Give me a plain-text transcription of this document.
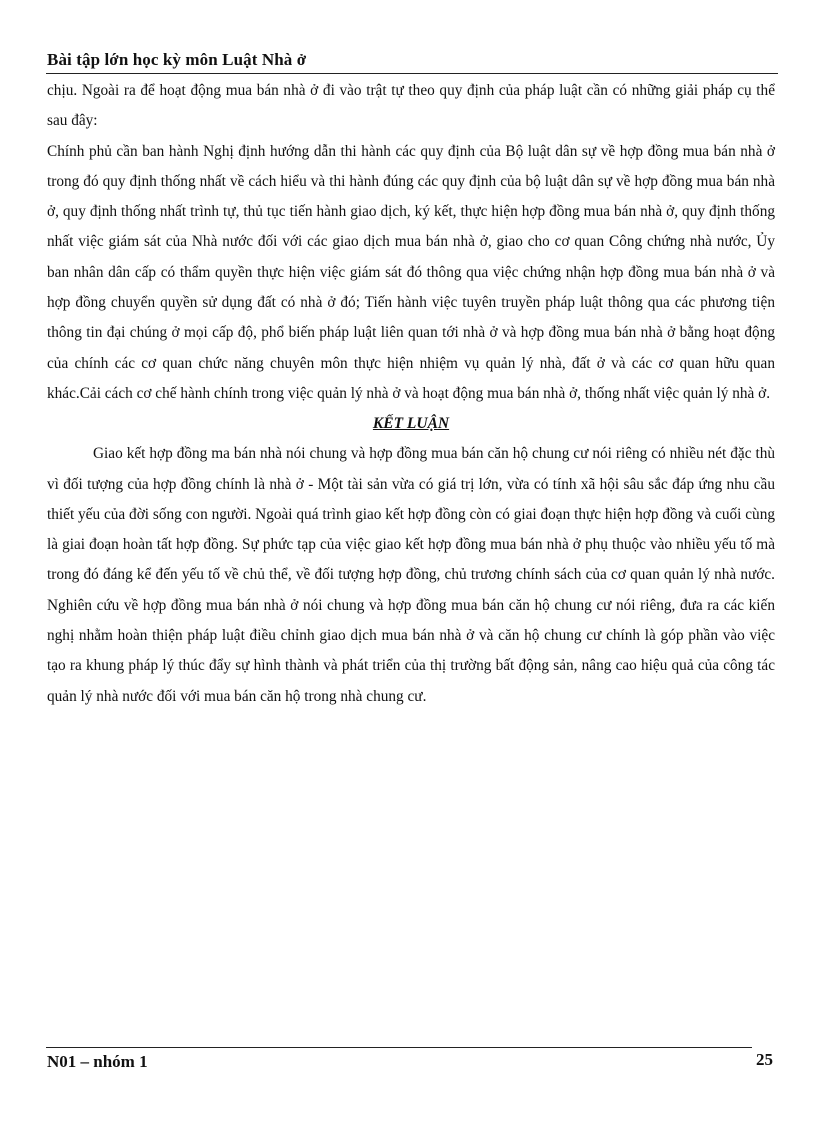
Bài tập lớn học kỳ môn Luật Nhà ở

chịu. Ngoài ra để hoạt động mua bán nhà ở đi vào trật tự theo quy định của pháp luật cần có những giải pháp cụ thể sau đây:

Chính phủ cần ban hành Nghị định hướng dẫn thi hành các quy định của Bộ luật dân sự về hợp đồng mua bán nhà ở trong đó quy định thống nhất về cách hiểu và thi hành đúng các quy định của bộ luật dân sự về hợp đồng mua bán nhà ở, quy định thống nhất trình tự, thủ tục tiến hành giao dịch, ký kết, thực hiện hợp đồng mua bán nhà ở, quy định thống nhất việc giám sát của Nhà nước đối với các giao dịch mua bán nhà ở, giao cho cơ quan Công chứng nhà nước, Ủy ban nhân dân cấp có thẩm quyền thực hiện việc giám sát đó thông qua việc chứng nhận hợp đồng mua bán nhà ở và hợp đồng chuyển quyền sử dụng đất có nhà ở đó; Tiến hành việc tuyên truyền pháp luật thông qua các phương tiện thông tin đại chúng ở mọi cấp độ, phổ biến pháp luật liên quan tới nhà ở và hợp đồng mua bán nhà ở bằng hoạt động của chính các cơ quan chức năng chuyên môn thực hiện nhiệm vụ quản lý nhà, đất ở và các cơ quan hữu quan khác.Cải cách cơ chế hành chính trong việc quản lý nhà ở và hoạt động mua bán nhà ở, thống nhất việc quản lý nhà ở.

KẾT LUẬN

Giao kết hợp đồng ma bán nhà nói chung và hợp đồng mua bán căn hộ chung cư nói riêng có nhiều nét đặc thù vì đối tượng của hợp đồng chính là nhà ở - Một tài sản vừa có giá trị lớn, vừa có tính xã hội sâu sắc đáp ứng nhu cầu thiết yếu của đời sống con người. Ngoài quá trình giao kết hợp đồng còn có giai đoạn thực hiện hợp đồng và cuối cùng là giai đoạn hoàn tất hợp đồng. Sự phức tạp của việc giao kết hợp đồng mua bán nhà ở phụ thuộc vào nhiều yếu tố mà trong đó đáng kể đến yếu tố về chủ thể, về đối tượng hợp đồng, chủ trương chính sách của cơ quan quản lý nhà nước. Nghiên cứu về hợp đồng mua bán nhà ở nói chung và hợp đồng mua bán căn hộ chung cư nói riêng, đưa ra các kiến nghị nhằm hoàn thiện pháp luật điều chỉnh giao dịch mua bán nhà ở và căn hộ chung cư chính là góp phần vào việc tạo ra khung pháp lý thúc đẩy sự hình thành và phát triển của thị trường bất động sản, nâng cao hiệu quả của công tác quản lý nhà nước đối với mua bán căn hộ trong nhà chung cư.

N01 – nhóm 1	25
